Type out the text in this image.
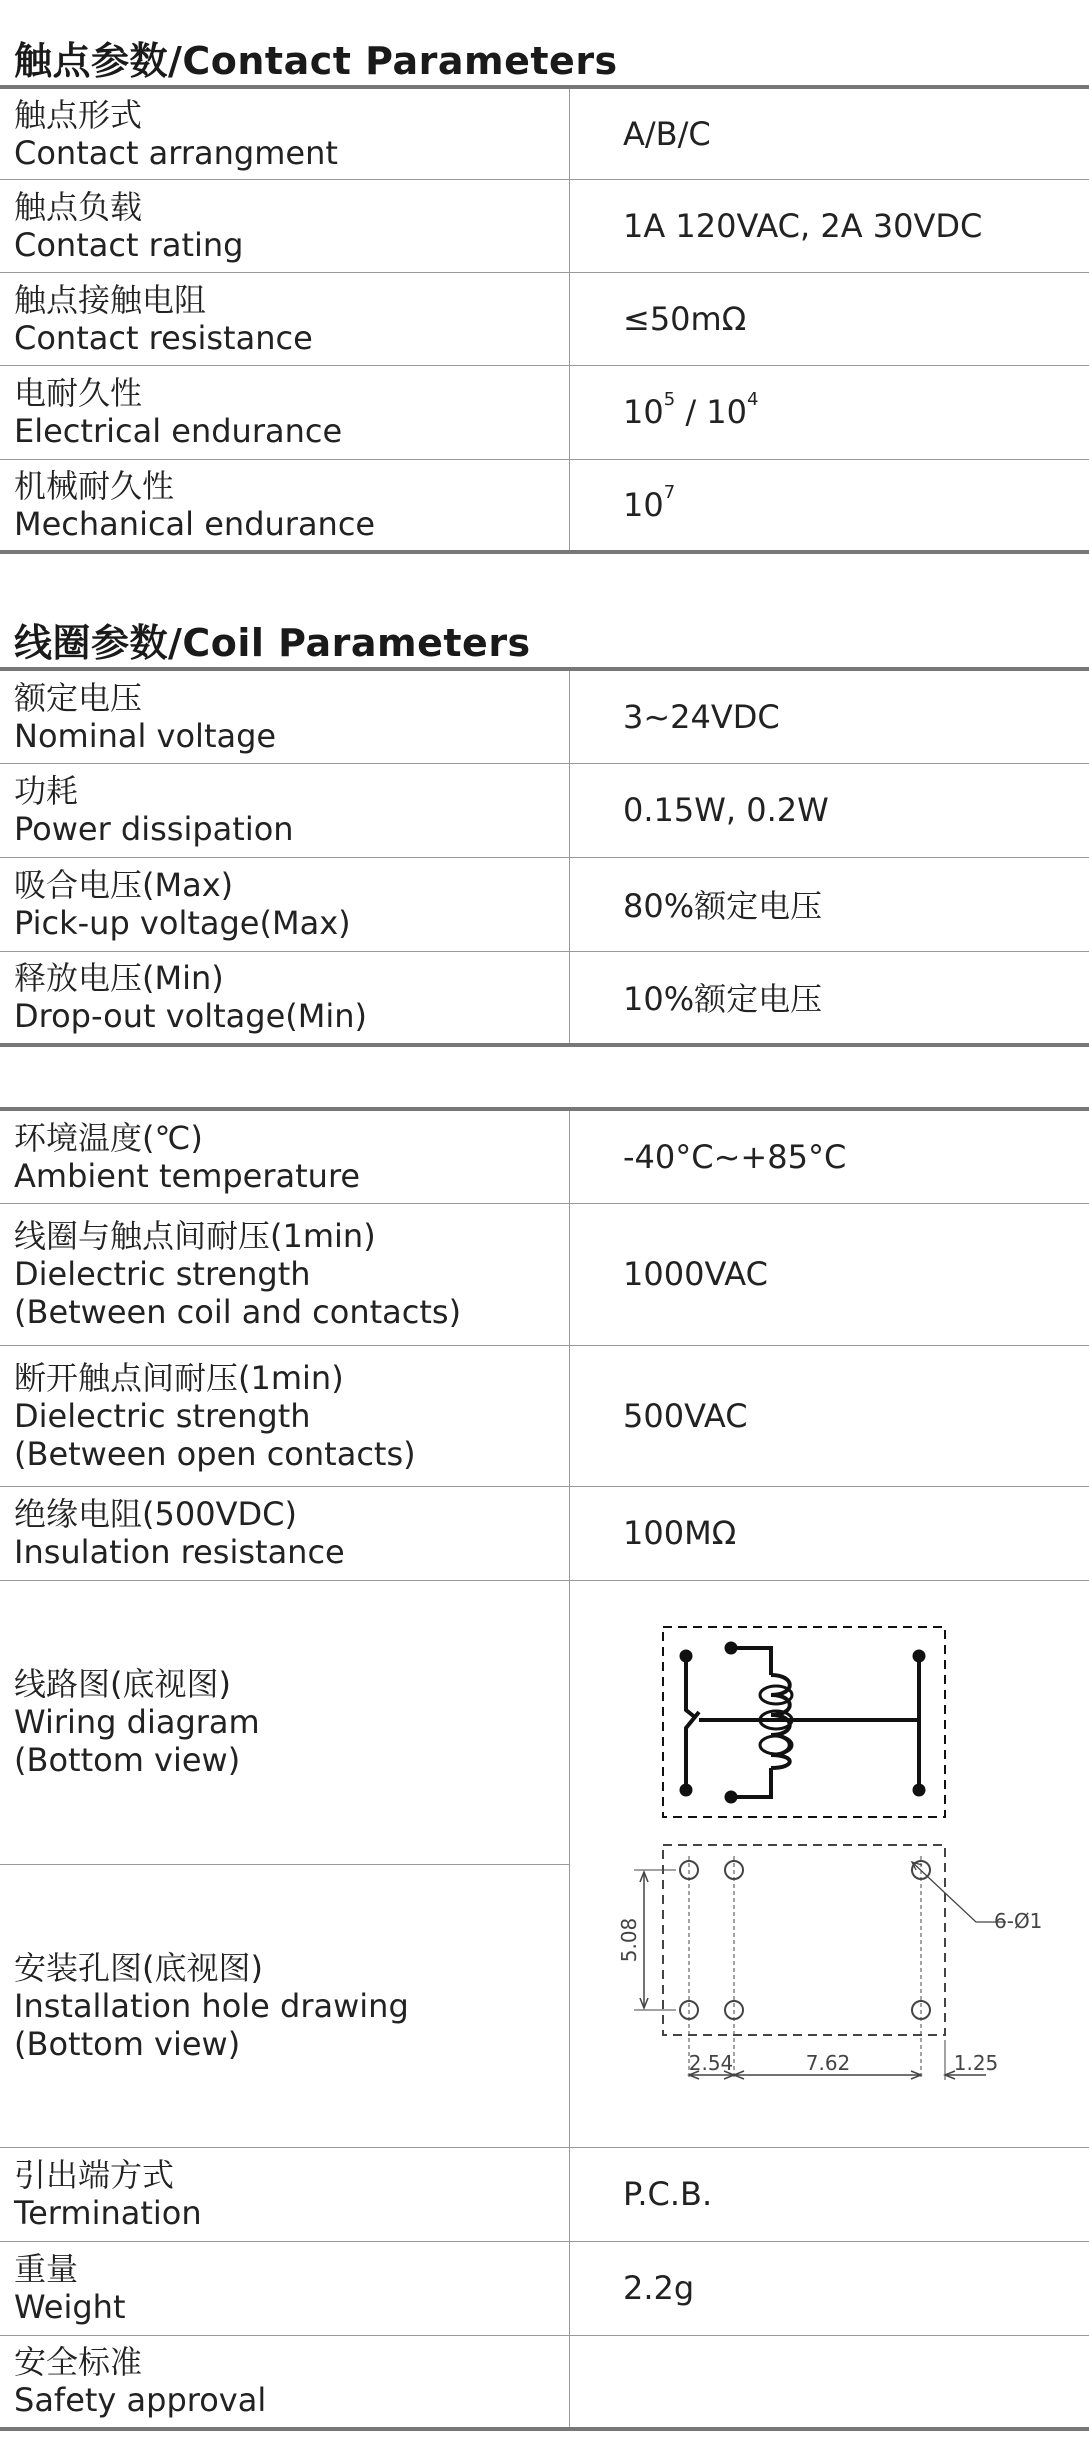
触点参数/Contact Parameters
触点形式
Contact arrangment	A/B/C

触点负载
Contact rating	1A 120VAC, 2A 30VDC

触点接触电阻
Contact resistance	≤50mΩ

电耐久性
Electrical endurance	$10^5 / 10^4$

机械耐久性
Mechanical endurance	$10^7$
线圈参数/Coil Parameters
额定电压
Nominal voltage	3~24VDC

功耗
Power dissipation	0.15W, 0.2W

吸合电压(Max)
Pick-up voltage(Max)	80%额定电压

释放电压(Min)
Drop-out voltage(Min)	10%额定电压
环境温度(℃)
Ambient temperature	-40°C~+85°C

线圈与触点间耐压(1min)
Dielectric strength
(Between coil and contacts)	1000VAC

断开触点间耐压(1min)
Dielectric strength
(Between open contacts)	500VAC

绝缘电阻(500VDC)
Insulation resistance	100MΩ

线路图(底视图)
Wiring diagram
(Bottom view)	

安装孔图(底视图)
Installation hole drawing
(Bottom view)	

引出端方式
Termination	P.C.B.

重量
Weight	2.2g

安全标准
Safety approval	

5.08
2.54	7.62	1.25
6-Ø1
